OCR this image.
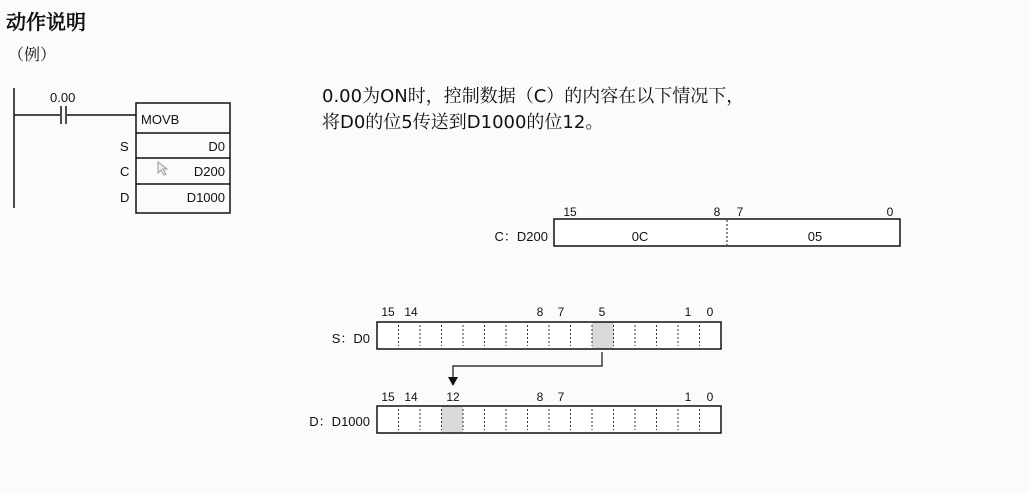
动作说明
（例）
0.00为ON时，控制数据（C）的内容在以下情况下，
将D0的位5传送到D1000的位12。
0.00
MOVB
S	D0
C	D200
D	D1000
C：D200
15	8 7	0
0C	05
S：D0
15 14	8 7	5	1 0
D：D1000
15 14 12	8 7	1 0
